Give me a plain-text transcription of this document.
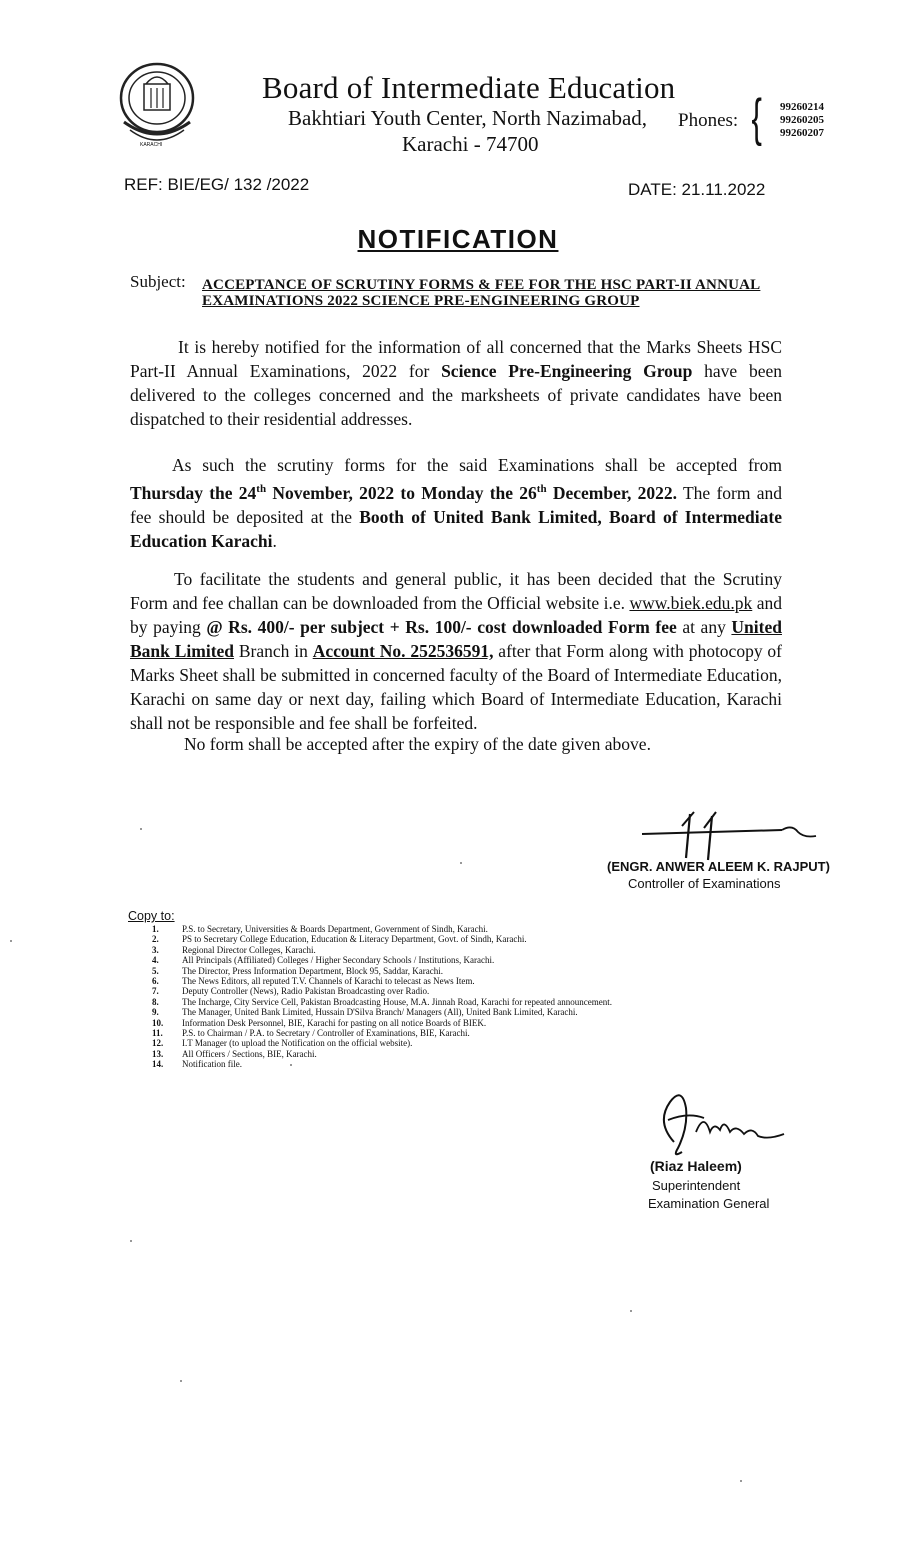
KARACHI
Board of Intermediate Education
Bakhtiari Youth Center, North Nazimabad,
Karachi - 74700
Phones: { 99260214
99260205
99260207
REF: BIE/EG/ 132 /2022	DATE: 21.11.2022
NOTIFICATION
Subject: ACCEPTANCE OF SCRUTINY FORMS & FEE FOR THE HSC PART-II ANNUAL EXAMINATIONS 2022 SCIENCE PRE-ENGINEERING GROUP
It is hereby notified for the information of all concerned that the Marks Sheets HSC Part-II Annual Examinations, 2022 for Science Pre-Engineering Group have been delivered to the colleges concerned and the marksheets of private candidates have been dispatched to their residential addresses.
As such the scrutiny forms for the said Examinations shall be accepted from Thursday the 24th November, 2022 to Monday the 26th December, 2022. The form and fee should be deposited at the Booth of United Bank Limited, Board of Intermediate Education Karachi.
To facilitate the students and general public, it has been decided that the Scrutiny Form and fee challan can be downloaded from the Official website i.e. www.biek.edu.pk and by paying @ Rs. 400/- per subject + Rs. 100/- cost downloaded Form fee at any United Bank Limited Branch in Account No. 252536591, after that Form along with photocopy of Marks Sheet shall be submitted in concerned faculty of the Board of Intermediate Education, Karachi on same day or next day, failing which Board of Intermediate Education, Karachi shall not be responsible and fee shall be forfeited.
No form shall be accepted after the expiry of the date given above.
(ENGR. ANWER ALEEM K. RAJPUT)
Controller of Examinations
Copy to:
1.	P.S. to Secretary, Universities & Boards Department, Government of Sindh, Karachi.
2.	PS to Secretary College Education, Education & Literacy Department, Govt. of Sindh, Karachi.
3.	Regional Director Colleges, Karachi.
4.	All Principals (Affiliated) Colleges / Higher Secondary Schools / Institutions, Karachi.
5.	The Director, Press Information Department, Block 95, Saddar, Karachi.
6.	The News Editors, all reputed T.V. Channels of Karachi to telecast as News Item.
7.	Deputy Controller (News), Radio Pakistan Broadcasting over Radio.
8.	The Incharge, City Service Cell, Pakistan Broadcasting House, M.A. Jinnah Road, Karachi for repeated announcement.
9.	The Manager, United Bank Limited, Hussain D'Silva Branch/ Managers (All), United Bank Limited, Karachi.
10. Information Desk Personnel, BIE, Karachi for pasting on all notice Boards of BIEK.
11. P.S. to Chairman / P.A. to Secretary / Controller of Examinations, BIE, Karachi.
12. I.T Manager (to upload the Notification on the official website).
13. All Officers / Sections, BIE, Karachi.
14. Notification file.
(Riaz Haleem)
Superintendent
Examination General
